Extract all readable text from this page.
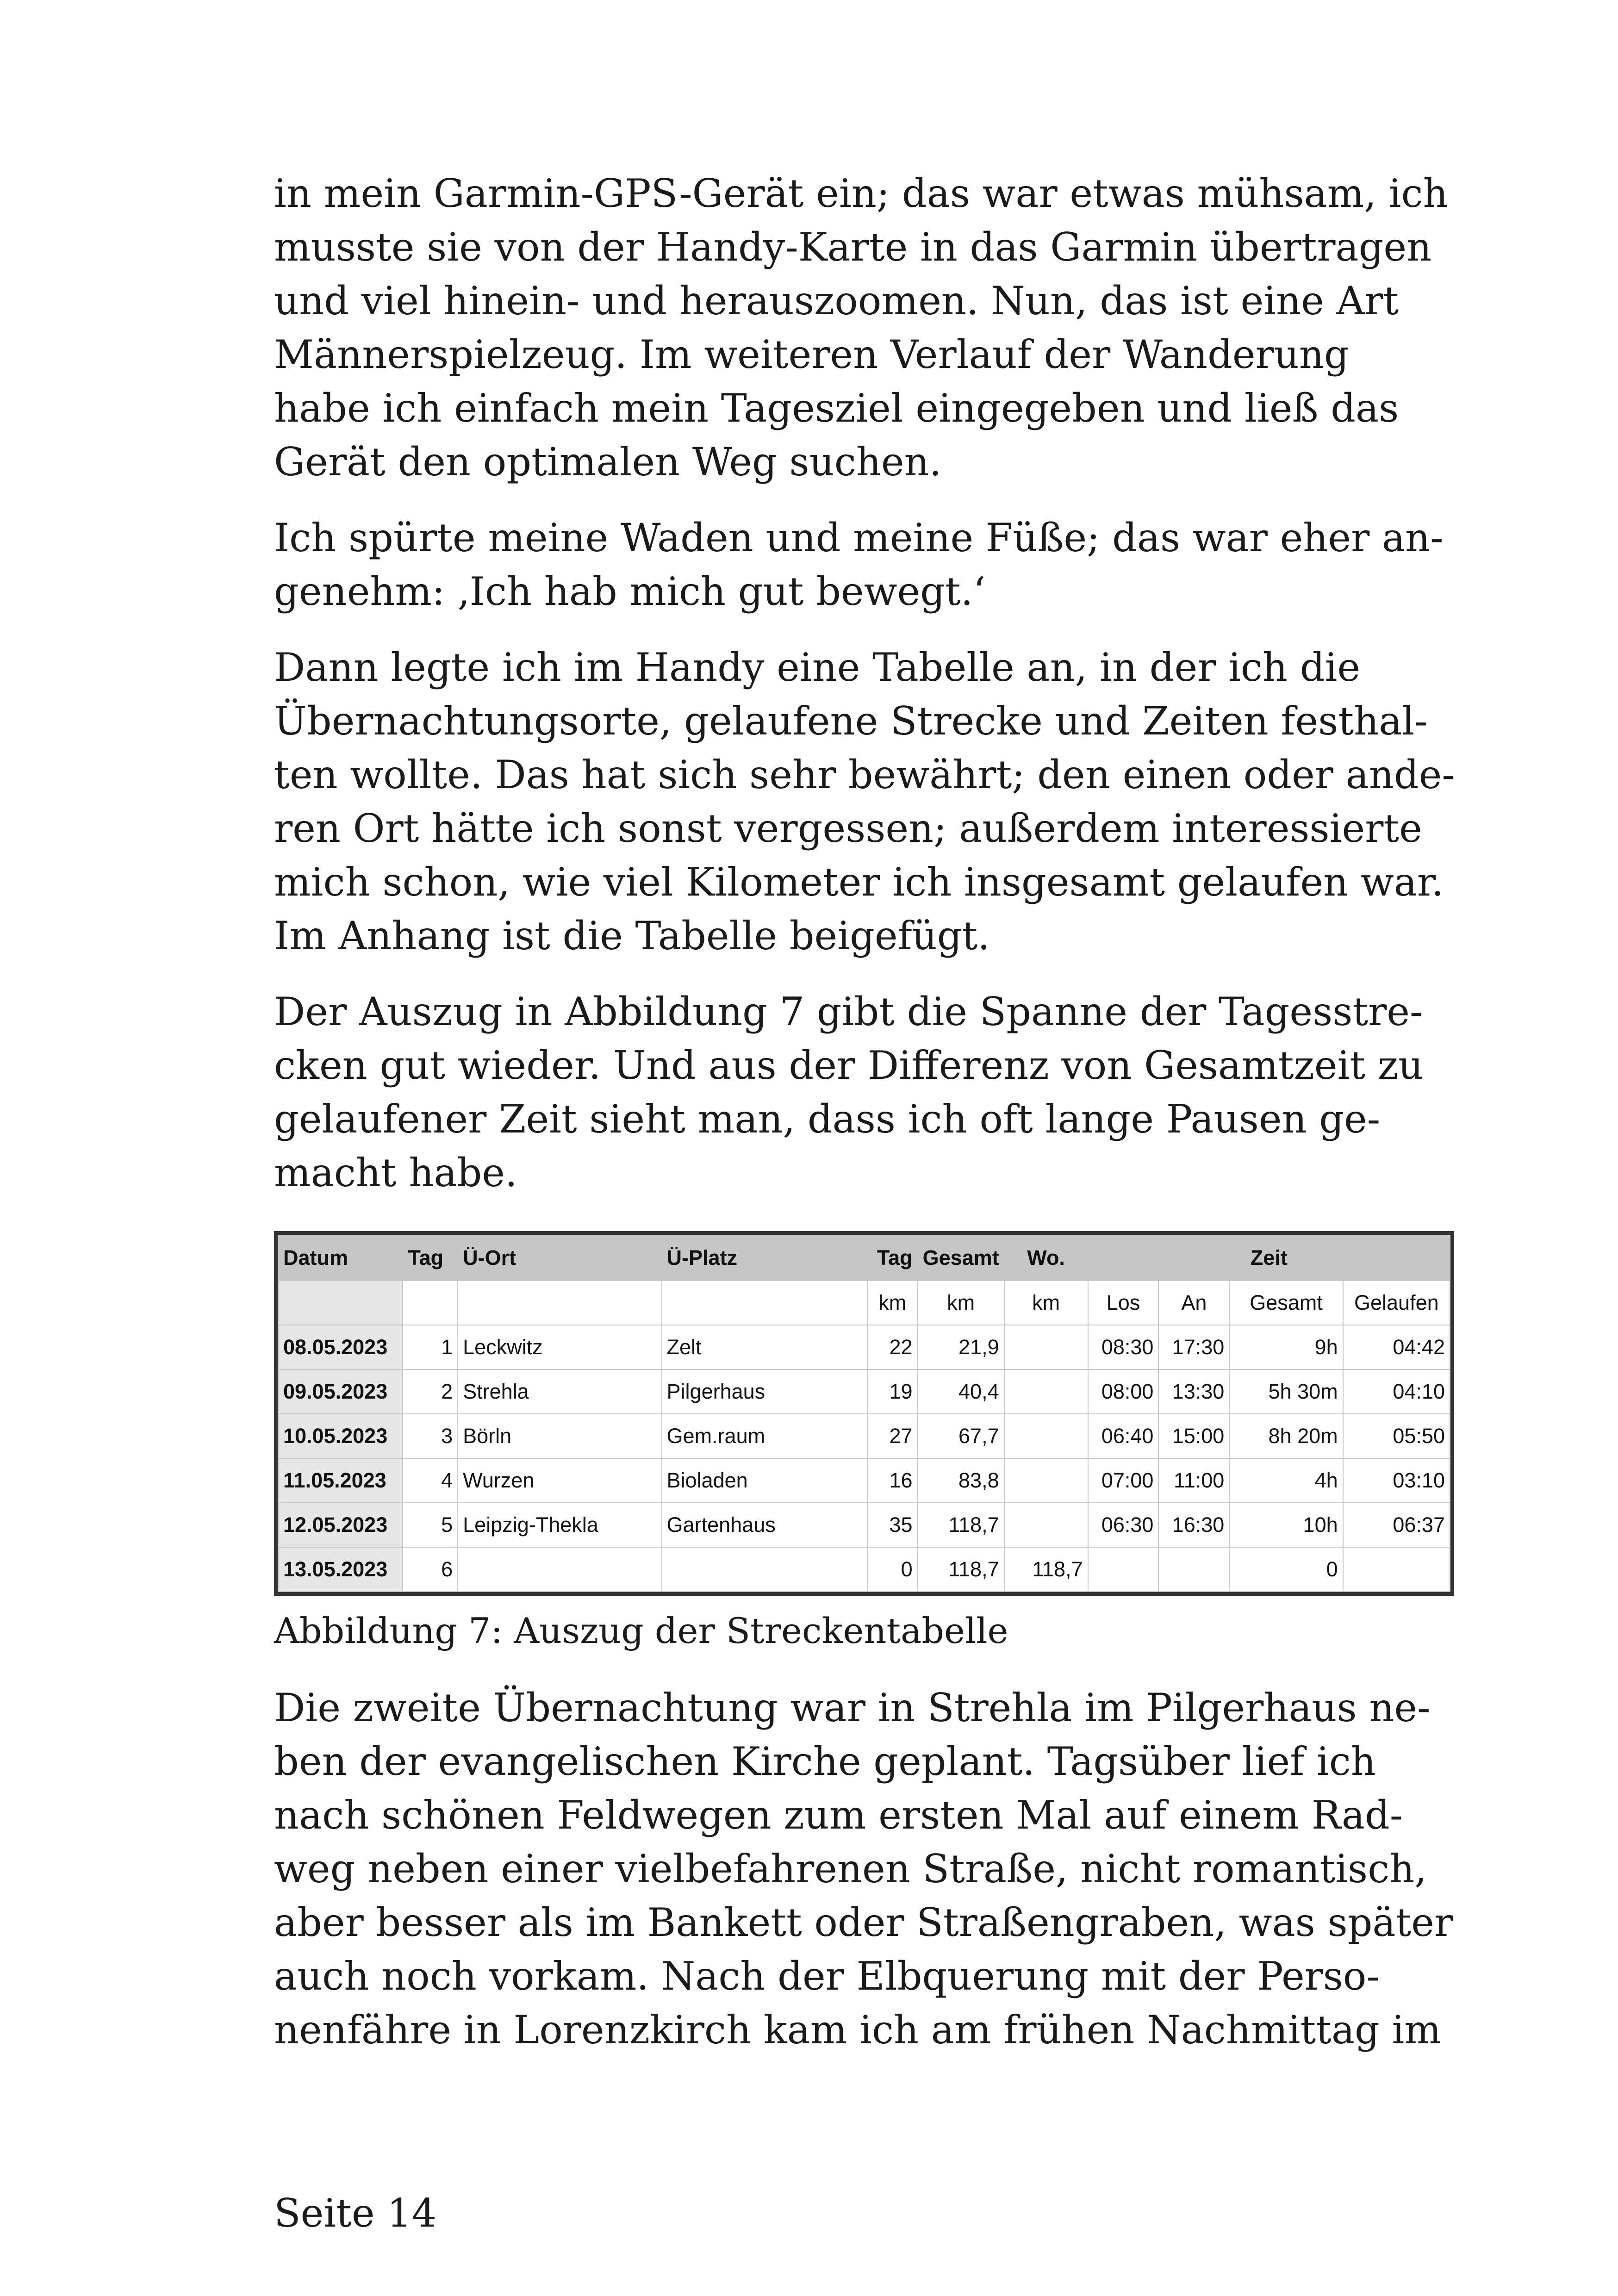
in mein Garmin-GPS-Gerät ein; das war etwas mühsam, ich
musste sie von der Handy-Karte in das Garmin übertragen
und viel hinein- und herauszoomen. Nun, das ist eine Art
Männerspielzeug. Im weiteren Verlauf der Wanderung
habe ich einfach mein Tagesziel eingegeben und ließ das
Gerät den optimalen Weg suchen.

Ich spürte meine Waden und meine Füße; das war eher an-
genehm: ‚Ich hab mich gut bewegt.‘

Dann legte ich im Handy eine Tabelle an, in der ich die
Übernachtungsorte, gelaufene Strecke und Zeiten festhal-
ten wollte. Das hat sich sehr bewährt; den einen oder ande-
ren Ort hätte ich sonst vergessen; außerdem interessierte
mich schon, wie viel Kilometer ich insgesamt gelaufen war.
Im Anhang ist die Tabelle beigefügt.

Der Auszug in Abbildung 7 gibt die Spanne der Tagesstre-
cken gut wieder. Und aus der Differenz von Gesamtzeit zu
gelaufener Zeit sieht man, dass ich oft lange Pausen ge-
macht habe.

Datum	Tag	Ü-Ort	Ü-Platz	Tag	Gesamt	Wo.	Zeit			
				km	km	km	Los	An	Gesamt	Gelaufen
08.05.2023	1	Leckwitz	Zelt	22	21,9		08:30	17:30	9h	04:42
09.05.2023	2	Strehla	Pilgerhaus	19	40,4		08:00	13:30	5h 30m	04:10
10.05.2023	3	Börln	Gem.raum	27	67,7		06:40	15:00	8h 20m	05:50
11.05.2023	4	Wurzen	Bioladen	16	83,8		07:00	11:00	4h	03:10
12.05.2023	5	Leipzig-Thekla	Gartenhaus	35	118,7		06:30	16:30	10h	06:37
13.05.2023	6			0	118,7	118,7			0	
Abbildung 7: Auszug der Streckentabelle

Die zweite Übernachtung war in Strehla im Pilgerhaus ne-
ben der evangelischen Kirche geplant. Tagsüber lief ich
nach schönen Feldwegen zum ersten Mal auf einem Rad-
weg neben einer vielbefahrenen Straße, nicht romantisch,
aber besser als im Bankett oder Straßengraben, was später
auch noch vorkam. Nach der Elbquerung mit der Perso-
nenfähre in Lorenzkirch kam ich am frühen Nachmittag im

Seite 14
